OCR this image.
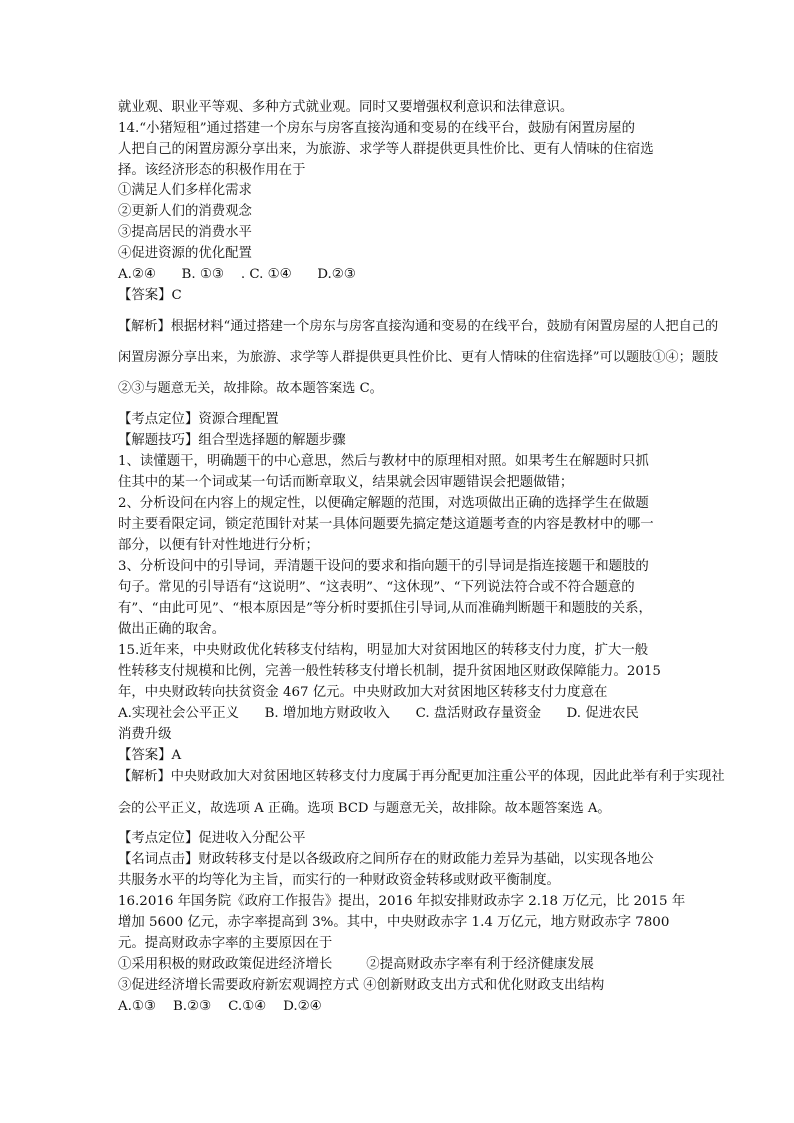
就业观、职业平等观、多种方式就业观。同时又要增强权利意识和法律意识。
14.“小猪短租”通过搭建一个房东与房客直接沟通和变易的在线平台，鼓励有闲置房屋的
人把自己的闲置房源分享出来，为旅游、求学等人群提供更具性价比、更有人情味的住宿选
择。该经济形态的积极作用在于
①满足人们多样化需求
②更新人们的消费观念
③提高居民的消费水平
④促进资源的优化配置
A.②④      B. ①③    . C. ①④      D.②③
【答案】C
【解析】根据材料“通过搭建一个房东与房客直接沟通和变易的在线平台，鼓励有闲置房屋的人把自己的
闲置房源分享出来，为旅游、求学等人群提供更具性价比、更有人情味的住宿选择”可以题肢①④；题肢
②③与题意无关，故排除。故本题答案选 C。
【考点定位】资源合理配置
【解题技巧】组合型选择题的解题步骤
1、读懂题干，明确题干的中心意思，然后与教材中的原理相对照。如果考生在解题时只抓
住其中的某一个词或某一句话而断章取义，结果就会因审题错误会把题做错；
2、分析设问在内容上的规定性，以便确定解题的范围，对选项做出正确的选择学生在做题
时主要看限定词，锁定范围针对某一具体问题要先搞定楚这道题考查的内容是教材中的哪一
部分，以便有针对性地进行分析；
3、分析设问中的引导词，弄清题干设问的要求和指向题干的引导词是指连接题干和题肢的
句子。常见的引导语有“这说明”、“这表明”、“这休现”、“下列说法符合或不符合题意的
有”、“由此可见”、“根本原因是”等分析时要抓住引导词,从而准确判断题干和题肢的关系，
做出正确的取舍。
15.近年来，中央财政优化转移支付结构，明显加大对贫困地区的转移支付力度，扩大一般
性转移支付规模和比例，完善一般性转移支付增长机制，提升贫困地区财政保障能力。2015
年，中央财政转向扶贫资金 467 亿元。中央财政加大对贫困地区转移支付力度意在
A.实现社会公平正义      B. 增加地方财政收入      C. 盘活财政存量资金      D. 促进农民
消费升级
【答案】A
【解析】中央财政加大对贫困地区转移支付力度属于再分配更加注重公平的体现，因此此举有利于实现社
会的公平正义，故选项 A 正确。选项 BCD 与题意无关，故排除。故本题答案选 A。
【考点定位】促进收入分配公平
【名词点击】财政转移支付是以各级政府之间所存在的财政能力差异为基础，以实现各地公
共服务水平的均等化为主旨，而实行的一种财政资金转移或财政平衡制度。
16.2016 年国务院《政府工作报告》提出，2016 年拟安排财政赤字 2.18 万亿元，比 2015 年
增加 5600 亿元，赤字率提高到 3%。其中，中央财政赤字 1.4 万亿元，地方财政赤字 7800
元。提高财政赤字率的主要原因在于
①采用积极的财政政策促进经济增长        ②提高财政赤字率有利于经济健康发展
③促进经济增长需要政府新宏观调控方式 ④创新财政支出方式和优化财政支出结构
A.①③    B.②③    C.①④    D.②④
